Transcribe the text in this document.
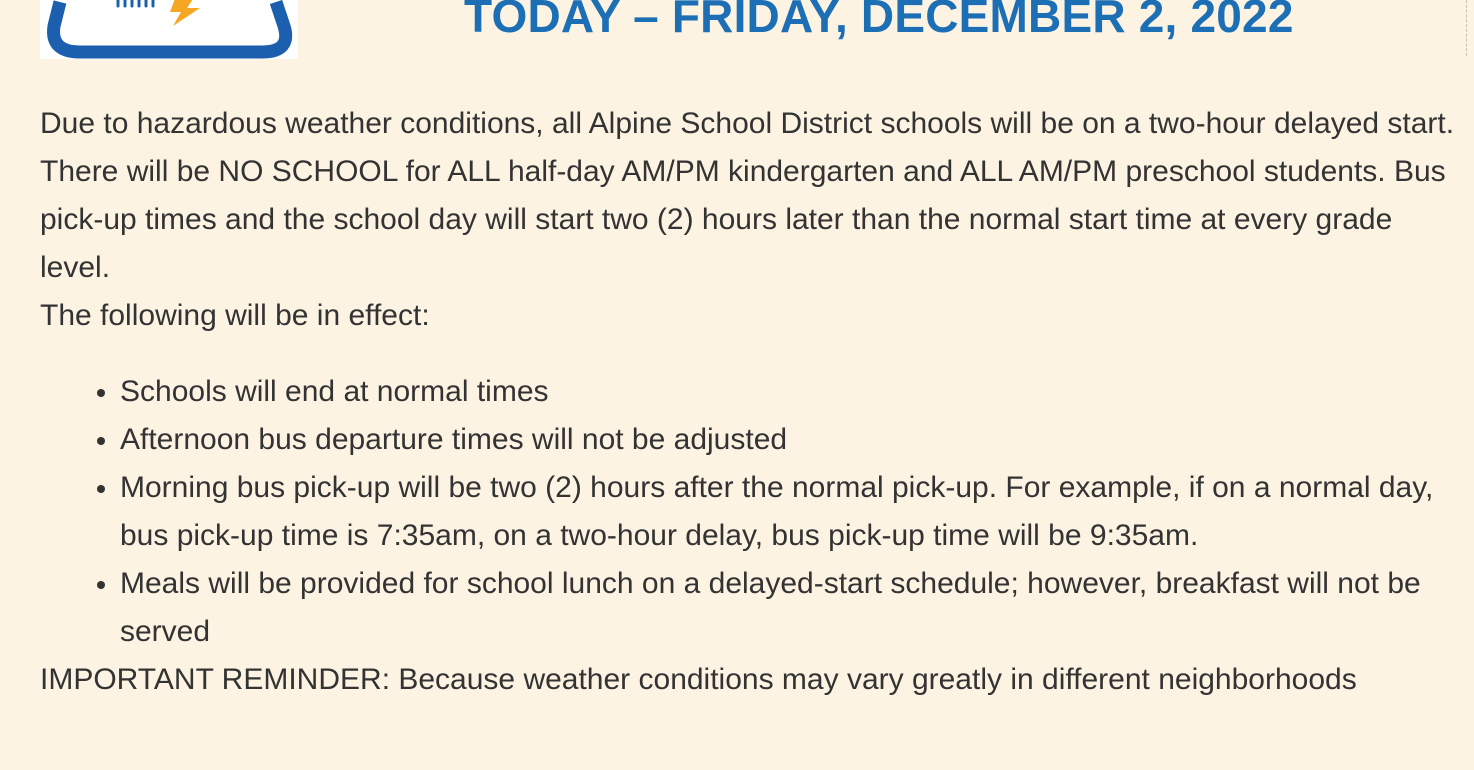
TODAY – FRIDAY, DECEMBER 2, 2022

Due to hazardous weather conditions, all Alpine School District schools will be on a two-hour delayed start. There will be NO SCHOOL for ALL half-day AM/PM kindergarten and ALL AM/PM preschool students. Bus pick-up times and the school day will start two (2) hours later than the normal start time at every grade level.

The following will be in effect:

• Schools will end at normal times
• Afternoon bus departure times will not be adjusted
• Morning bus pick-up will be two (2) hours after the normal pick-up. For example, if on a normal day, bus pick-up time is 7:35am, on a two-hour delay, bus pick-up time will be 9:35am.
• Meals will be provided for school lunch on a delayed-start schedule; however, breakfast will not be served

IMPORTANT REMINDER: Because weather conditions may vary greatly in different neighborhoods
